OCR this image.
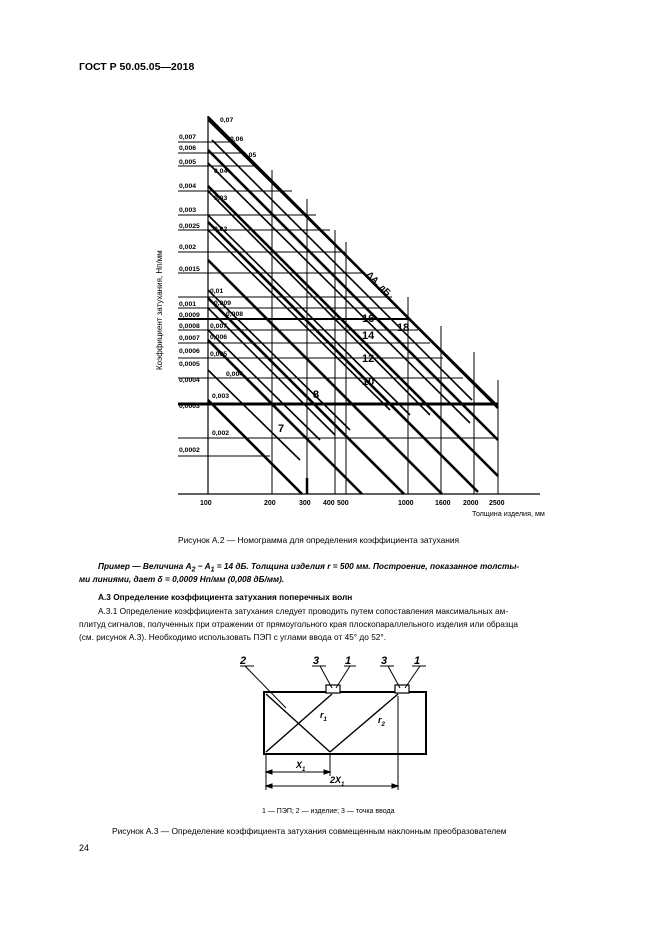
ГОСТ Р 50.05.05—2018
Коэффициент затухания, Нп/мм
Толщина изделия, мм
100	200	300 400 500	1000	1600 2000 2500
0,007
0,006
0,005
0,004
0,003
0,0025
0,002
0,0015
0,001
0,0009
0,0008
0,0007
0,0006
0,0005
0,0004
0,0003
0,0002
0,07
0,06
0,05
0,04
0,03
0,02
0,01
0,009
0,008
0,007
0,006
0,005
0,004
0,003
0,002
ΔA, дБ
18
16
14
12
10
8
7
Рисунок А.2 — Номограмма для определения коэффициента затухания
Пример — Величина $A_2 - A_1 = 14$ дБ. Толщина изделия r = 500 мм. Построение, показанное толсты-
ми линиями, дает δ = 0,0009 Нп/мм (0,008 дБ/мм).
А.3 Определение коэффициента затухания поперечных волн
А.3.1 Определение коэффициента затухания следует проводить путем сопоставления максимальных ам-
плитуд сигналов, полученных при отражении от прямоугольного края плоскопараллельного изделия или образца
(см. рисунок А.3). Необходимо использовать ПЭП с углами ввода от 45° до 52°.
2	3 1	3 1
$r_1$	$r_2$
$X_1$
$2X_1$
1 — ПЭП; 2 — изделие; 3 — точка ввода
Рисунок А.3 — Определение коэффициента затухания совмещенным наклонным преобразователем
24
